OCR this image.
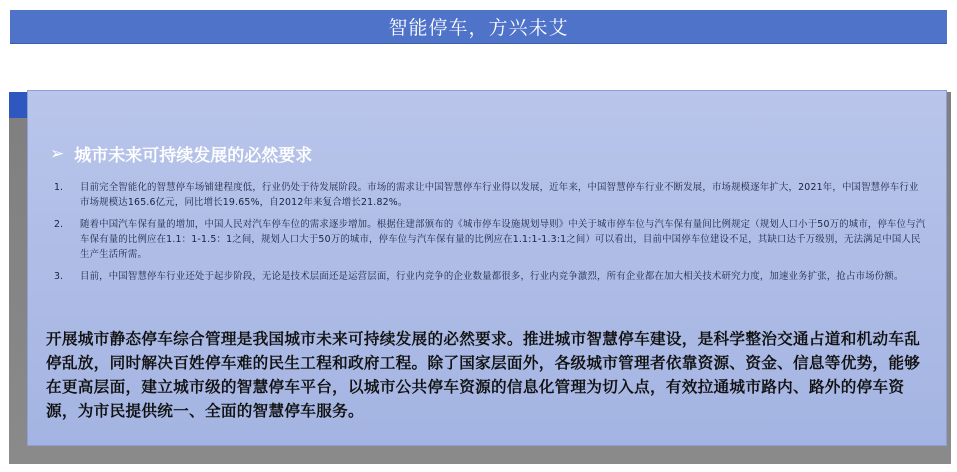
智能停车，方兴未艾
➢ 城市未来可持续发展的必然要求
1.	目前完全智能化的智慧停车场铺建程度低，行业仍处于待发展阶段。市场的需求让中国智慧停车行业得以发展，近年来，中国智慧停车行业不断发展，市场规模逐年扩大，2021年，中国智慧停车行业市场规模达165.6亿元，同比增长19.65%，自2012年来复合增长21.82%。
2.	随着中国汽车保有量的增加，中国人民对汽车停车位的需求逐步增加。根据住建部颁布的《城市停车设施规划导则》中关于城市停车位与汽车保有量间比例规定（规划人口小于50万的城市，停车位与汽车保有量的比例应在1.1：1-1.5：1之间，规划人口大于50万的城市，停车位与汽车保有量的比例应在1.1:1-1.3:1之间）可以看出，目前中国停车位建设不足，其缺口达千万级别，无法满足中国人民生产生活所需。
3.	目前，中国智慧停车行业还处于起步阶段，无论是技术层面还是运营层面，行业内竞争的企业数量都很多，行业内竞争激烈，所有企业都在加大相关技术研究力度，加速业务扩张，抢占市场份额。
开展城市静态停车综合管理是我国城市未来可持续发展的必然要求。推进城市智慧停车建设，是科学整治交通占道和机动车乱停乱放，同时解决百姓停车难的民生工程和政府工程。除了国家层面外，各级城市管理者依靠资源、资金、信息等优势，能够在更高层面，建立城市级的智慧停车平台，以城市公共停车资源的信息化管理为切入点，有效拉通城市路内、路外的停车资源，为市民提供统一、全面的智慧停车服务。
